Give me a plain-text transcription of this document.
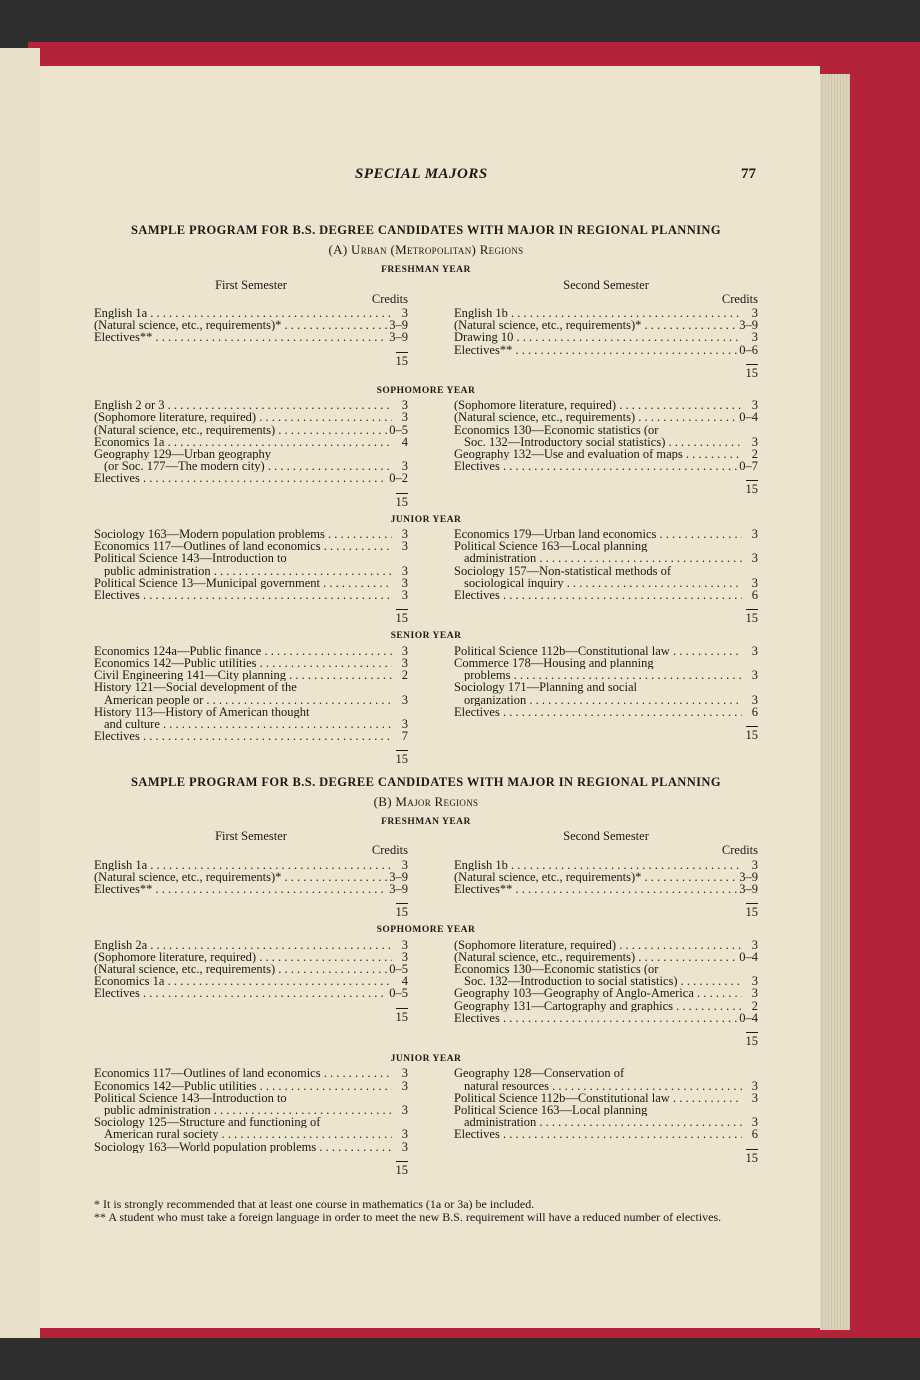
SPECIAL MAJORS	77
SAMPLE PROGRAM FOR B.S. DEGREE CANDIDATES WITH MAJOR IN REGIONAL PLANNING
(A) Urban (Metropolitan) Regions
FRESHMAN YEAR
First Semester
Credits
English 1a . . .	3
(Natural science, etc., requirements)* . . .	3–9
Electives** . . .	3–9
15
Second Semester
Credits
English 1b . . .	3
(Natural science, etc., requirements)* . . .	3–9
Drawing 10 . . .	3
Electives** . . .	0–6
15
SOPHOMORE YEAR
English 2 or 3 . . .	3
(Sophomore literature, required) . . .	3
(Natural science, etc., requirements) . . .	0–5
Economics 1a . . .	4
Geography 129—Urban geography
(or Soc. 177—The modern city) . . .	3
Electives . . .	0–2
15
(Sophomore literature, required) . . .	3
(Natural science, etc., requirements) . . .	0–4
Economics 130—Economic statistics (or
Soc. 132—Introductory social statistics) . . .	3
Geography 132—Use and evaluation of maps . . .	2
Electives . . .	0–7
15
JUNIOR YEAR
Sociology 163—Modern population problems . . .	3
Economics 117—Outlines of land economics . . .	3
Political Science 143—Introduction to
public administration . . .	3
Political Science 13—Municipal government . . .	3
Electives . . .	3
15
Economics 179—Urban land economics . . .	3
Political Science 163—Local planning
administration . . .	3
Sociology 157—Non-statistical methods of
sociological inquiry . . .	3
Electives . . .	6
15
SENIOR YEAR
Economics 124a—Public finance . . .	3
Economics 142—Public utilities . . .	3
Civil Engineering 141—City planning . . .	2
History 121—Social development of the
American people or . . .	3
History 113—History of American thought
and culture . . .	3
Electives . . .	7
15
Political Science 112b—Constitutional law . . .	3
Commerce 178—Housing and planning
problems . . .	3
Sociology 171—Planning and social
organization . . .	3
Electives . . .	6
15
SAMPLE PROGRAM FOR B.S. DEGREE CANDIDATES WITH MAJOR IN REGIONAL PLANNING
(B) Major Regions
FRESHMAN YEAR
First Semester
Credits
English 1a . . .	3
(Natural science, etc., requirements)* . . .	3–9
Electives** . . .	3–9
15
Second Semester
Credits
English 1b . . .	3
(Natural science, etc., requirements)* . . .	3–9
Electives** . . .	3–9
15
SOPHOMORE YEAR
English 2a . . .	3
(Sophomore literature, required) . . .	3
(Natural science, etc., requirements) . . .	0–5
Economics 1a . . .	4
Electives . . .	0–5
15
(Sophomore literature, required) . . .	3
(Natural science, etc., requirements) . . .	0–4
Economics 130—Economic statistics (or
Soc. 132—Introduction to social statistics) . . .	3
Geography 103—Geography of Anglo-America . . .	3
Geography 131—Cartography and graphics . . .	2
Electives . . .	0–4
15
JUNIOR YEAR
Economics 117—Outlines of land economics . . .	3
Economics 142—Public utilities . . .	3
Political Science 143—Introduction to
public administration . . .	3
Sociology 125—Structure and functioning of
American rural society . . .	3
Sociology 163—World population problems . . .	3
15
Geography 128—Conservation of
natural resources . . .	3
Political Science 112b—Constitutional law . . .	3
Political Science 163—Local planning
administration . . .	3
Electives . . .	6
15
* It is strongly recommended that at least one course in mathematics (1a or 3a) be included.
** A student who must take a foreign language in order to meet the new B.S. requirement will have a reduced number of electives.
